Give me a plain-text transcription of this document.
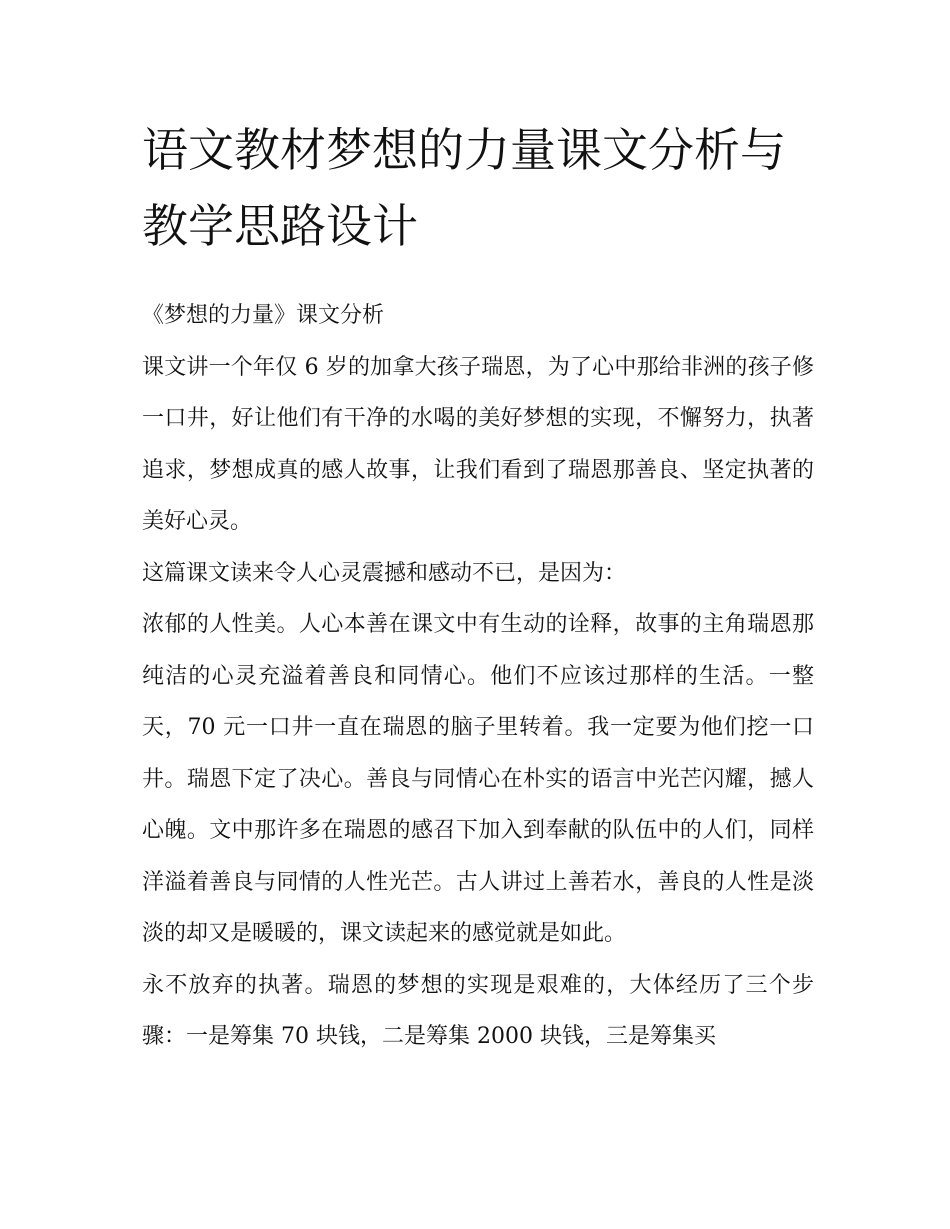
语文教材梦想的力量课文分析与教学思路设计

《梦想的力量》课文分析

课文讲一个年仅 6 岁的加拿大孩子瑞恩，为了心中那给非洲的孩子修一口井，好让他们有干净的水喝的美好梦想的实现，不懈努力，执著追求，梦想成真的感人故事，让我们看到了瑞恩那善良、坚定执著的美好心灵。

这篇课文读来令人心灵震撼和感动不已，是因为：

浓郁的人性美。人心本善在课文中有生动的诠释，故事的主角瑞恩那纯洁的心灵充溢着善良和同情心。他们不应该过那样的生活。一整天，70 元一口井一直在瑞恩的脑子里转着。我一定要为他们挖一口井。瑞恩下定了决心。善良与同情心在朴实的语言中光芒闪耀，撼人心魄。文中那许多在瑞恩的感召下加入到奉献的队伍中的人们，同样洋溢着善良与同情的人性光芒。古人讲过上善若水，善良的人性是淡淡的却又是暖暖的，课文读起来的感觉就是如此。

永不放弃的执著。瑞恩的梦想的实现是艰难的，大体经历了三个步骤：一是筹集 70 块钱，二是筹集 2000 块钱，三是筹集买
